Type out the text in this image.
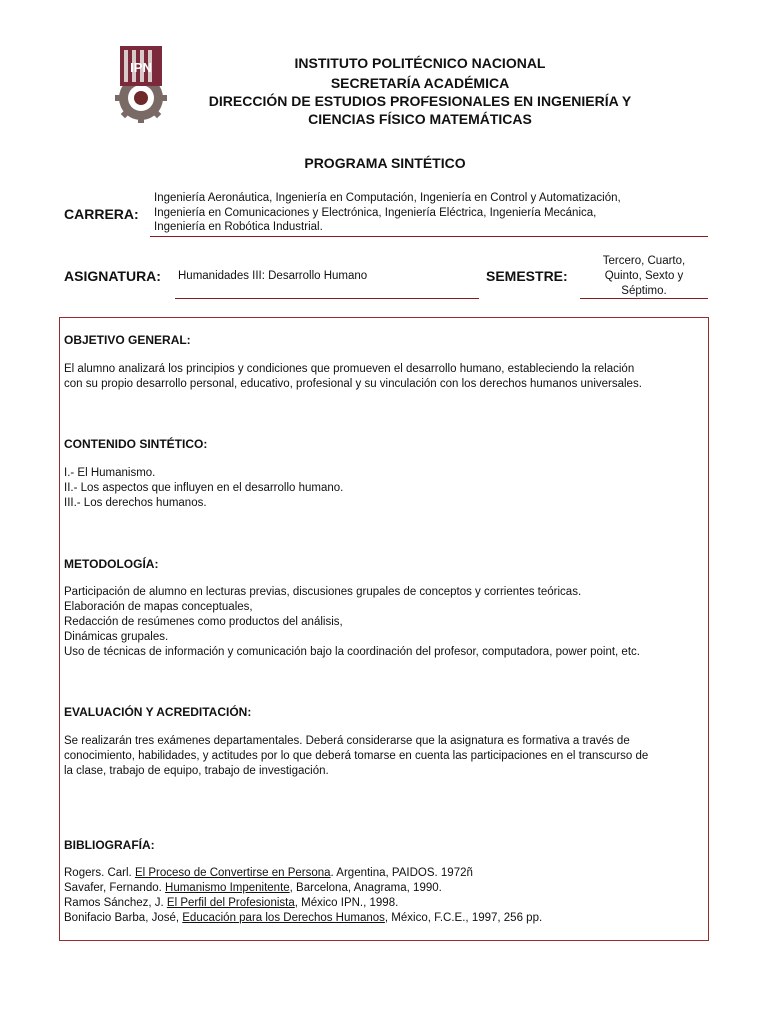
IPN	INSTITUTO POLITÉCNICO NACIONAL
SECRETARÍA ACADÉMICA
DIRECCIÓN DE ESTUDIOS PROFESIONALES EN INGENIERÍA Y
CIENCIAS FÍSICO MATEMÁTICAS
PROGRAMA SINTÉTICO
CARRERA:
Ingeniería Aeronáutica, Ingeniería en Computación, Ingeniería en Control y Automatización,
Ingeniería en Comunicaciones y Electrónica, Ingeniería Eléctrica, Ingeniería Mecánica,
Ingeniería en Robótica Industrial.
ASIGNATURA: Humanidades III: Desarrollo Humano	SEMESTRE:
Tercero, Cuarto,
Quinto, Sexto y
Séptimo.
OBJETIVO GENERAL:
El alumno analizará los principios y condiciones que promueven el desarrollo humano, estableciendo la relación
con su propio desarrollo personal, educativo, profesional y su vinculación con los derechos humanos universales.
CONTENIDO SINTÉTICO:
I.- El Humanismo.
II.- Los aspectos que influyen en el desarrollo humano.
III.- Los derechos humanos.
METODOLOGÍA:
Participación de alumno en lecturas previas, discusiones grupales de conceptos y corrientes teóricas.
Elaboración de mapas conceptuales,
Redacción de resúmenes como productos del análisis,
Dinámicas grupales.
Uso de técnicas de información y comunicación bajo la coordinación del profesor, computadora, power point, etc.
EVALUACIÓN Y ACREDITACIÓN:
Se realizarán tres exámenes departamentales. Deberá considerarse que la asignatura es formativa a través de
conocimiento, habilidades, y actitudes por lo que deberá tomarse en cuenta las participaciones en el transcurso de
la clase, trabajo de equipo, trabajo de investigación.
BIBLIOGRAFÍA:
Rogers. Carl. El Proceso de Convertirse en Persona. Argentina, PAIDOS. 1972ñ
Savafer, Fernando. Humanismo Impenitente, Barcelona, Anagrama, 1990.
Ramos Sánchez, J. El Perfil del Profesionista, México IPN., 1998.
Bonifacio Barba, José, Educación para los Derechos Humanos, México, F.C.E., 1997, 256 pp.
